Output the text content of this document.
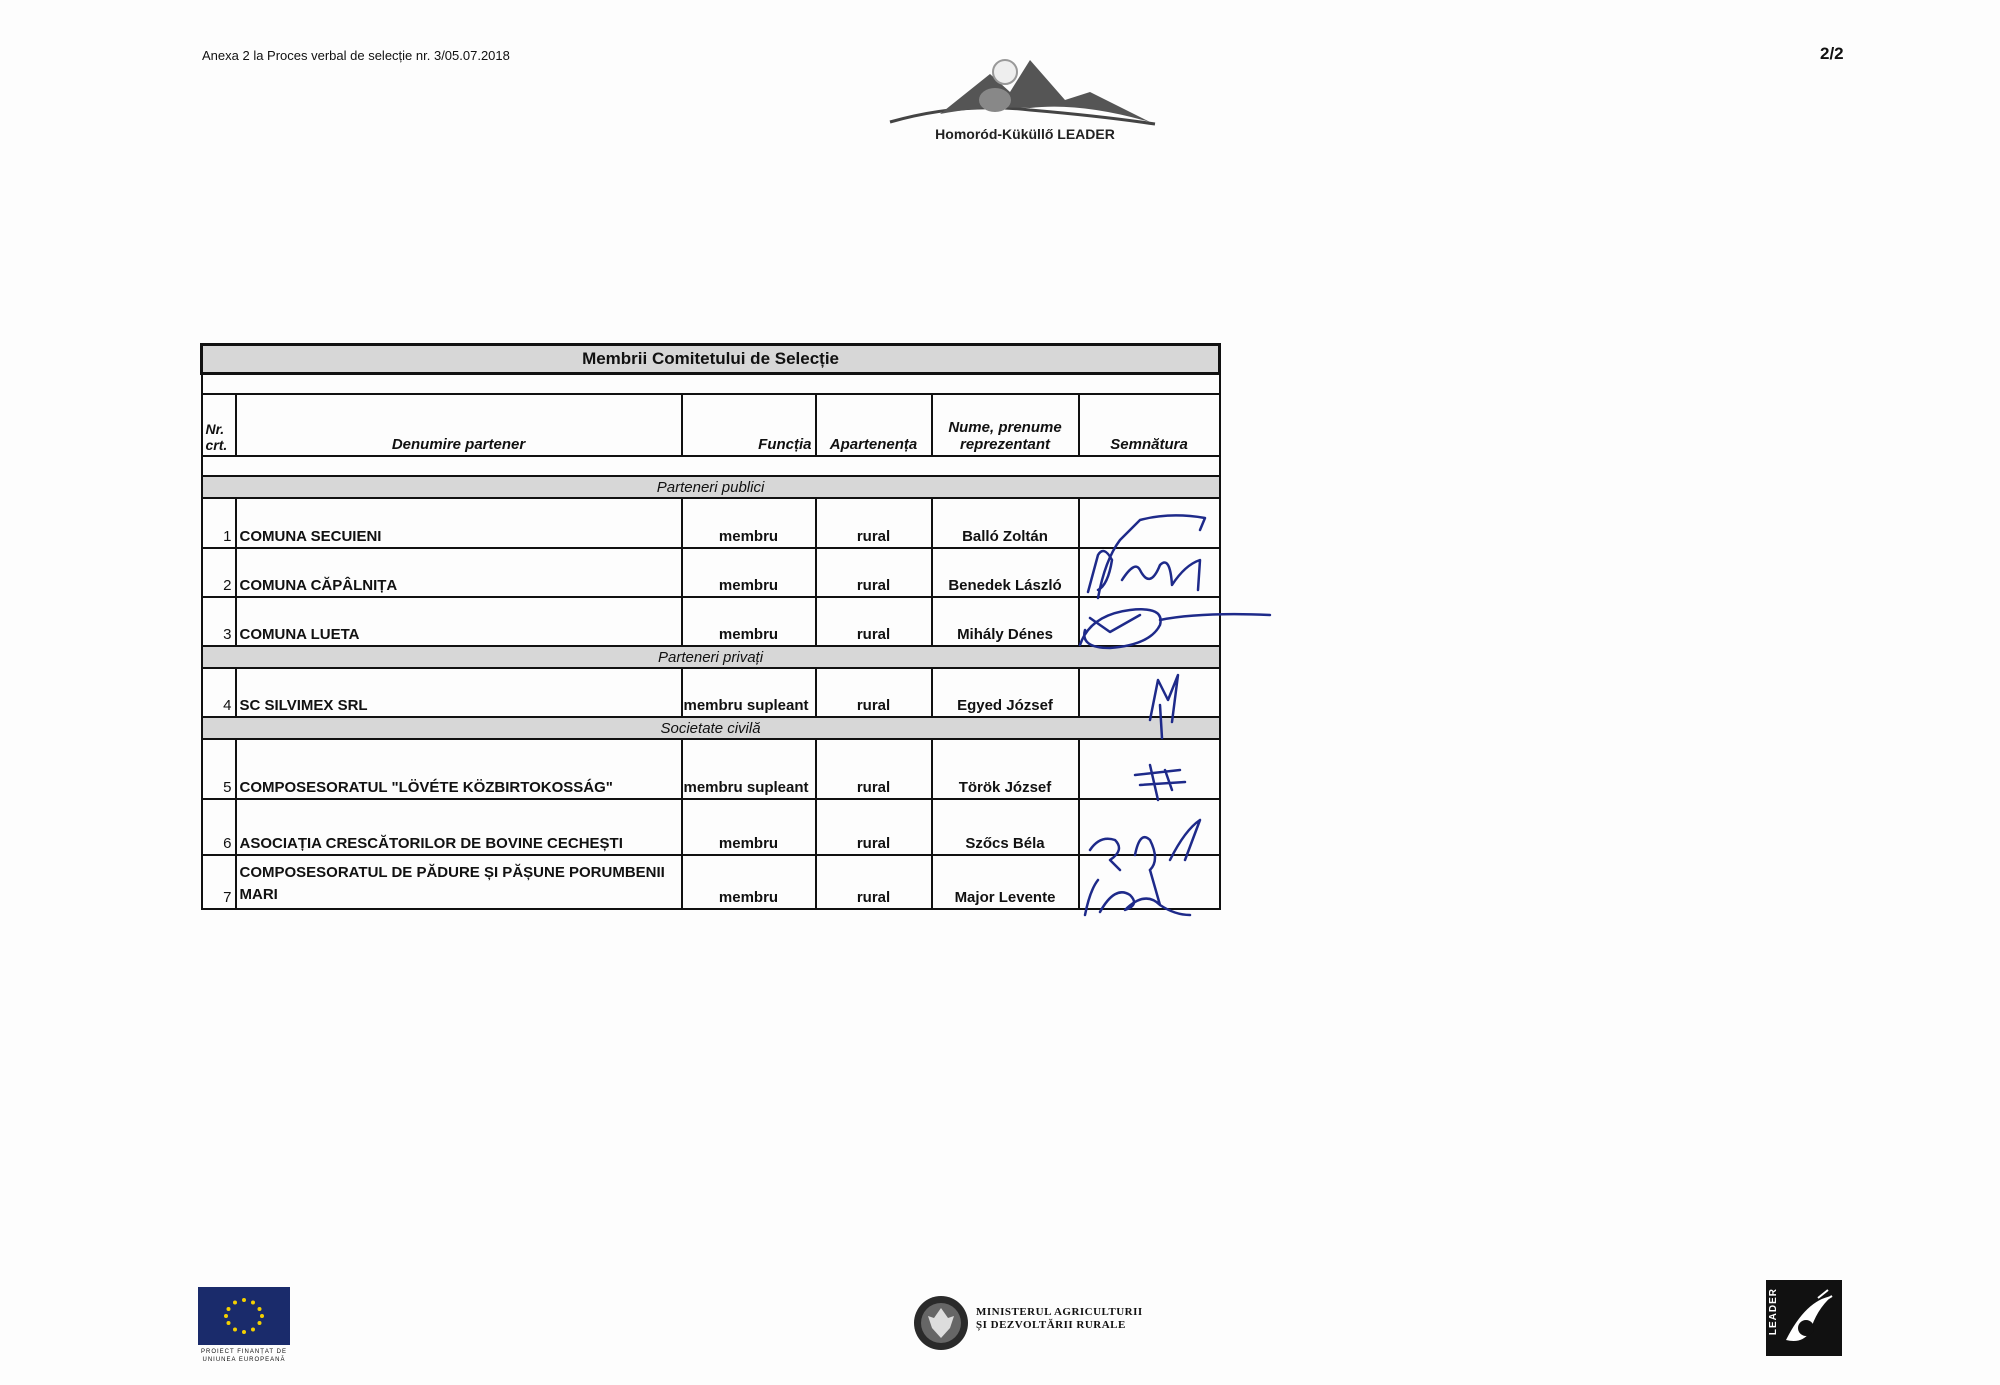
Anexa 2 la Proces verbal de selecție nr. 3/05.07.2018	2/2
Homoród-Küküllő LEADER
Membrii Comitetului de Selecție					

Nr. crt.	Denumire partener	Funcția	Apartenența	Nume, prenume reprezentant	Semnătura

Parteneri publici					
1	COMUNA SECUIENI	membru	rural	Balló Zoltán	
2	COMUNA CĂPÂLNIȚA	membru	rural	Benedek László	
3	COMUNA LUETA	membru	rural	Mihály Dénes	
Parteneri privați					
4	SC SILVIMEX SRL	membru supleant	rural	Egyed József	
Societate civilă					
5	COMPOSESORATUL "LÖVÉTE KÖZBIRTOKOSSÁG"	membru supleant	rural	Török József	
6	ASOCIAȚIA CRESCĂTORILOR DE BOVINE CECHEȘTI	membru	rural	Szőcs Béla	
7	COMPOSESORATUL DE PĂDURE ȘI PĂȘUNE PORUMBENII MARI	membru	rural	Major Levente	
PROIECT FINANȚAT DE UNIUNEA EUROPEANĂ
MINISTERUL AGRICULTURII
ȘI DEZVOLTĂRII RURALE	LEADER
